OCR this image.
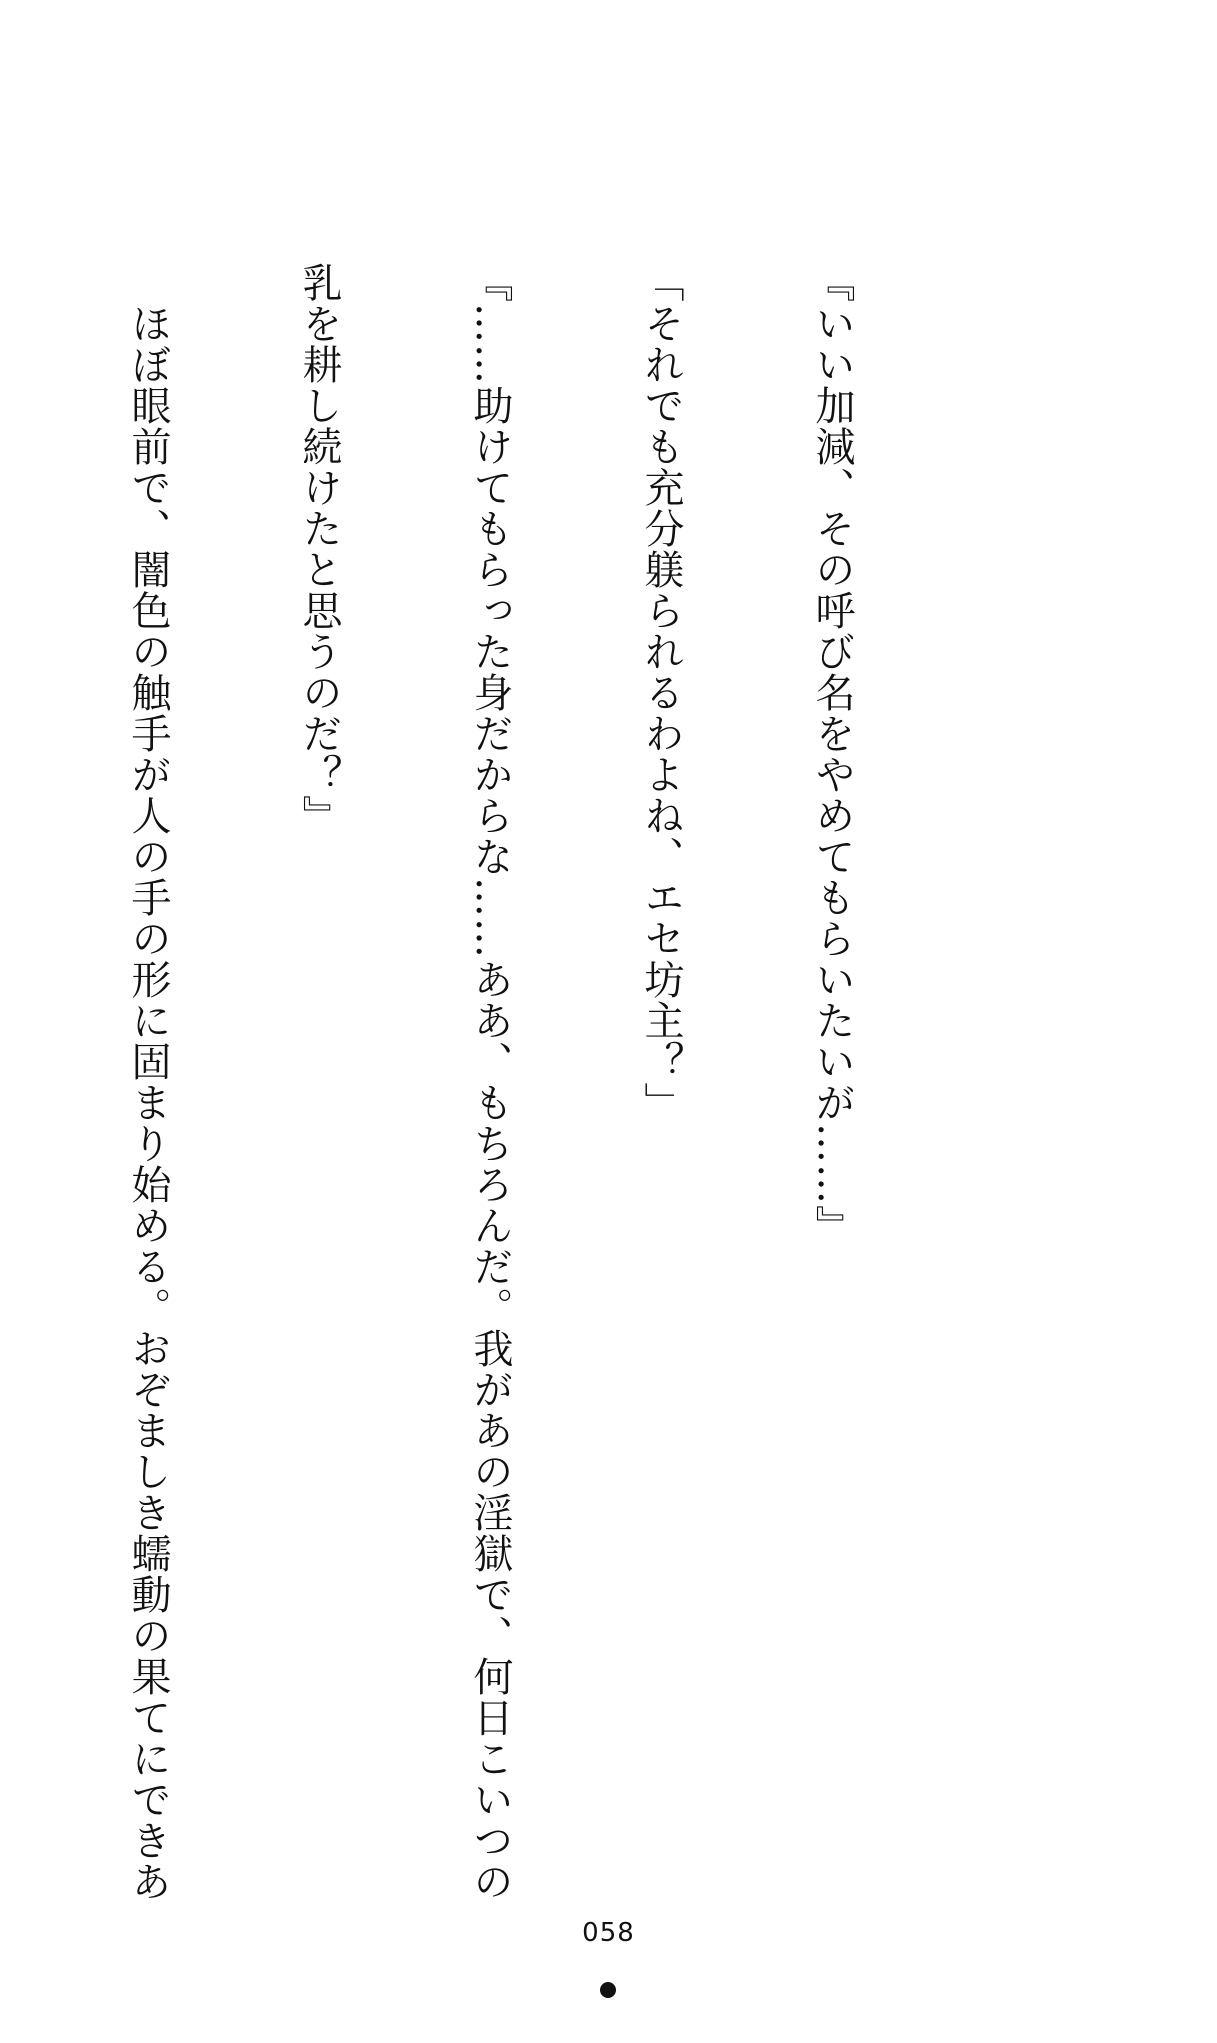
『いい加減、その呼び名をやめてもらいたいが……』

「それでも充分躾られるわよね、エセ坊主？」

『……助けてもらった身だからな……ああ、もちろんだ。我があの淫獄で、何日こいつの

乳を耕し続けたと思うのだ？』

　ほぼ眼前で、闇色の触手が人の手の形に固まり始める。おぞましき蠕動の果てにできあ

058
